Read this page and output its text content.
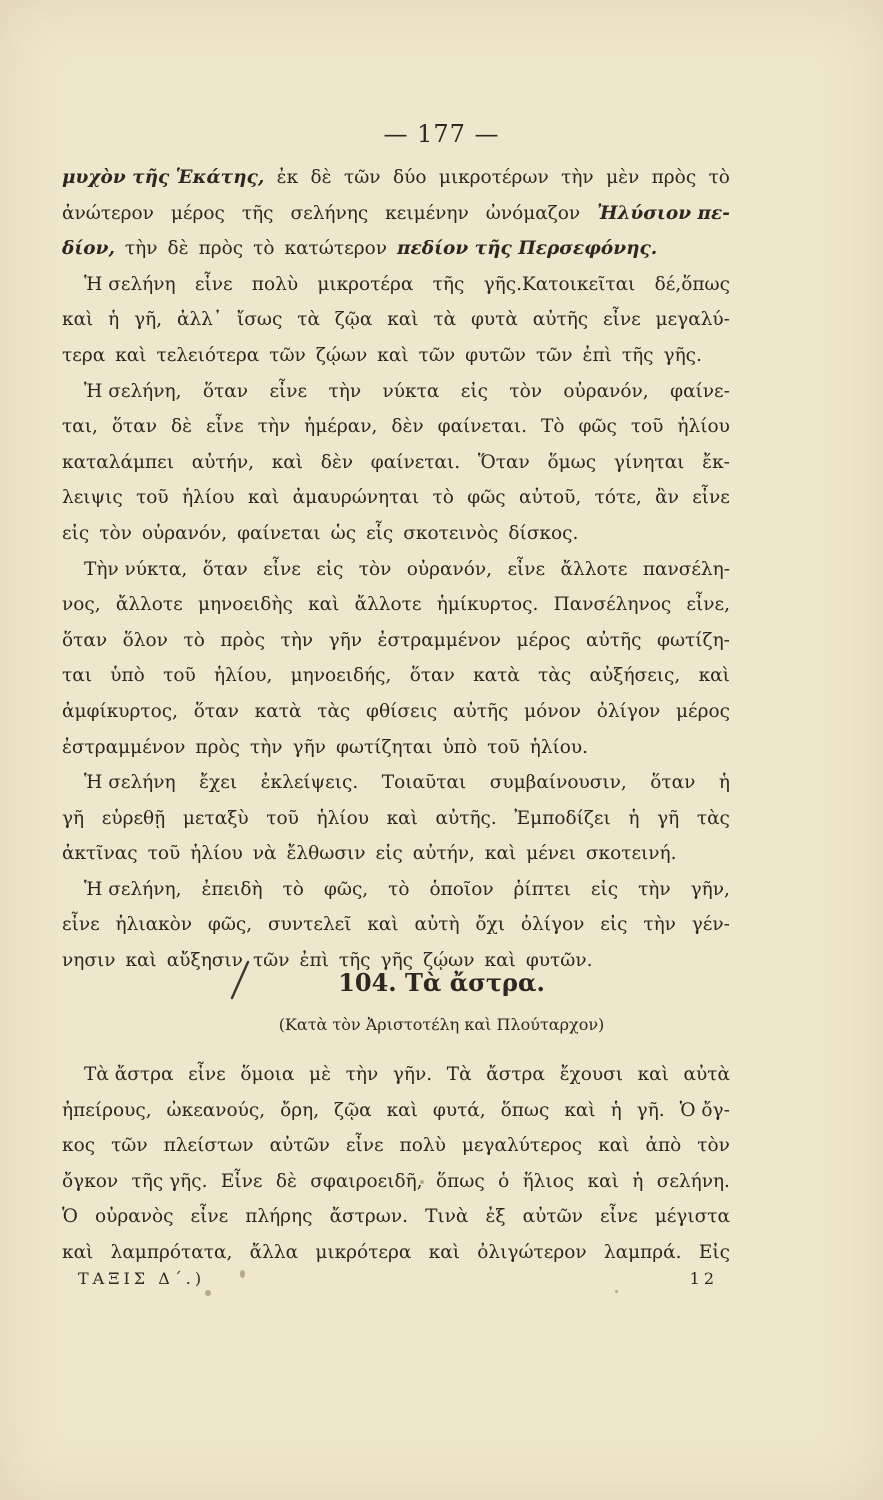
— 177 —
μυχὸν τῆς Ἑκάτης, ἐκ δὲ τῶν δύο μικροτέρων τὴν μὲν πρὸς τὸ
ἀνώτερον μέρος τῆς σελήνης κειμένην ὠνόμαζον Ἠλύσιον πε-
δίον, τὴν δὲ πρὸς τὸ κατώτερον πεδίον τῆς Περσεφόνης.
Ἡ σελήνη εἶνε πολὺ μικροτέρα τῆς γῆς.Κατοικεῖται δέ,ὅπως
καὶ ἡ γῆ, ἀλλ᾽ ἴσως τὰ ζῷα καὶ τὰ φυτὰ αὐτῆς εἶνε μεγαλύ-
τερα καὶ τελειότερα τῶν ζῴων καὶ τῶν φυτῶν τῶν ἐπὶ τῆς γῆς.
Ἡ σελήνη, ὅταν εἶνε τὴν νύκτα εἰς τὸν οὐρανόν, φαίνε-
ται, ὅταν δὲ εἶνε τὴν ἡμέραν, δὲν φαίνεται. Τὸ φῶς τοῦ ἡλίου
καταλάμπει αὐτήν, καὶ δὲν φαίνεται. Ὅταν ὅμως γίνηται ἔκ-
λειψις τοῦ ἡλίου καὶ ἀμαυρώνηται τὸ φῶς αὐτοῦ, τότε, ἂν εἶνε
εἰς τὸν οὐρανόν, φαίνεται ὡς εἷς σκοτεινὸς δίσκος.
Τὴν νύκτα, ὅταν εἶνε εἰς τὸν οὐρανόν, εἶνε ἄλλοτε πανσέλη-
νος, ἄλλοτε μηνοειδὴς καὶ ἄλλοτε ἡμίκυρτος. Πανσέληνος εἶνε,
ὅταν ὅλον τὸ πρὸς τὴν γῆν ἐστραμμένον μέρος αὐτῆς φωτίζη-
ται ὑπὸ τοῦ ἡλίου, μηνοειδής, ὅταν κατὰ τὰς αὐξήσεις, καὶ
ἀμφίκυρτος, ὅταν κατὰ τὰς φθίσεις αὐτῆς μόνον ὀλίγον μέρος
ἐστραμμένον πρὸς τὴν γῆν φωτίζηται ὑπὸ τοῦ ἡλίου.
Ἡ σελήνη ἔχει ἐκλείψεις. Τοιαῦται συμβαίνουσιν, ὅταν ἡ
γῆ εὑρεθῇ μεταξὺ τοῦ ἡλίου καὶ αὐτῆς. Ἐμποδίζει ἡ γῆ τὰς
ἀκτῖνας τοῦ ἡλίου νὰ ἔλθωσιν εἰς αὐτήν, καὶ μένει σκοτεινή.
Ἡ σελήνη, ἐπειδὴ τὸ φῶς, τὸ ὁποῖον ῥίπτει εἰς τὴν γῆν,
εἶνε ἡλιακὸν φῶς, συντελεῖ καὶ αὐτὴ ὄχι ὀλίγον εἰς τὴν γέν-
νησιν καὶ αὔξησιν τῶν ἐπὶ τῆς γῆς ζῴων καὶ φυτῶν.
104. Τὰ ἄστρα.
(Κατὰ τὸν Ἀριστοτέλη καὶ Πλούταρχον)
Τὰ ἄστρα εἶνε ὅμοια μὲ τὴν γῆν. Τὰ ἄστρα ἔχουσι καὶ αὐτὰ
ἠπείρους, ὠκεανούς, ὄρη, ζῷα καὶ φυτά, ὅπως καὶ ἡ γῆ. Ὁ ὄγ-
κος τῶν πλείστων αὐτῶν εἶνε πολὺ μεγαλύτερος καὶ ἀπὸ τὸν
ὄγκον τῆς γῆς. Εἶνε δὲ σφαιροειδῆ, ὅπως ὁ ἥλιος καὶ ἡ σελήνη.
Ὁ οὐρανὸς εἶνε πλήρης ἄστρων. Τινὰ ἐξ αὐτῶν εἶνε μέγιστα
καὶ λαμπρότατα, ἄλλα μικρότερα καὶ ὀλιγώτερον λαμπρά. Εἰς
ΤΑΞΙΣ Δ΄.)	12
